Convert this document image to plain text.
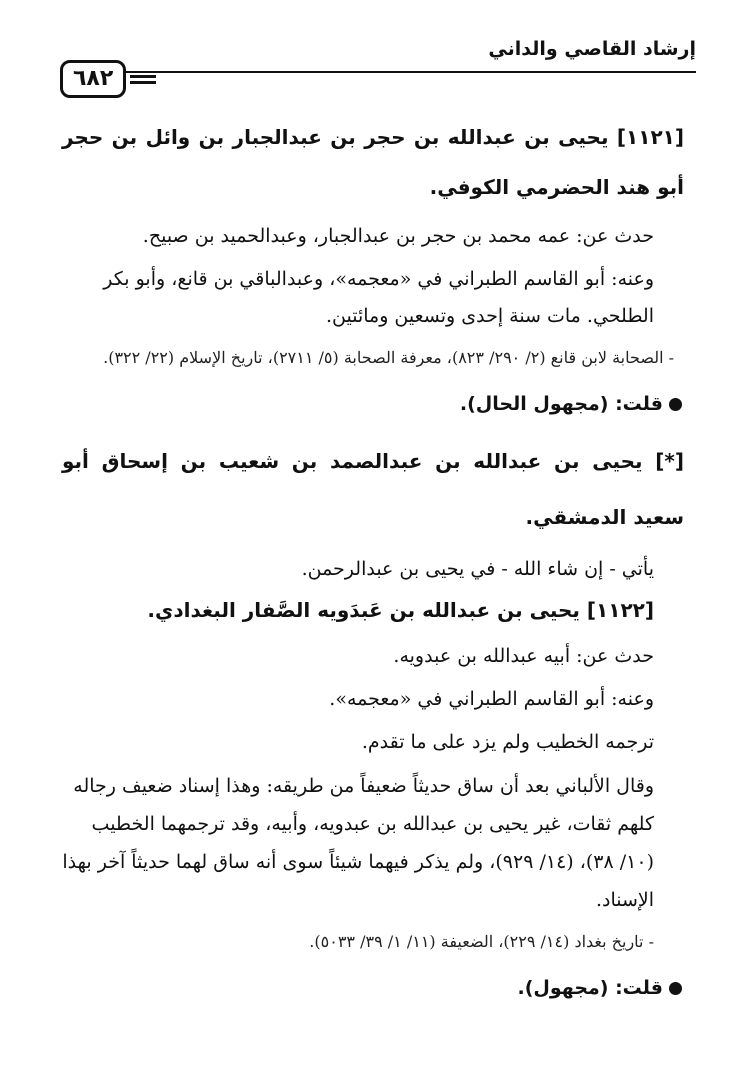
إرشاد القاصي والداني
٦٨٢
[١١٢١] يحيى بن عبدالله بن حجر بن عبدالجبار بن وائل بن حجر أبو هند الحضرمي الكوفي.

حدث عن: عمه محمد بن حجر بن عبدالجبار، وعبدالحميد بن صبيح.

وعنه: أبو القاسم الطبراني في «معجمه»، وعبدالباقي بن قانع، وأبو بكر الطلحي. مات سنة إحدى وتسعين ومائتين.

- الصحابة لابن قانع (٢/ ٢٩٠/ ٨٢٣)، معرفة الصحابة (٥/ ٢٧١١)، تاريخ الإسلام (٢٢/ ٣٢٢).

قلت: (مجهول الحال).

[*] يحيى بن عبدالله بن عبدالصمد بن شعيب بن إسحاق أبو سعيد الدمشقي.

يأتي - إن شاء الله - في يحيى بن عبدالرحمن.

[١١٢٢] يحيى بن عبدالله بن عَبدَويه الصَّفار البغدادي.

حدث عن: أبيه عبدالله بن عبدويه.

وعنه: أبو القاسم الطبراني في «معجمه».

ترجمه الخطيب ولم يزد على ما تقدم.

وقال الألباني بعد أن ساق حديثاً ضعيفاً من طريقه: وهذا إسناد ضعيف رجاله كلهم ثقات، غير يحيى بن عبدالله بن عبدويه، وأبيه، وقد ترجمهما الخطيب (١٠/ ٣٨)، (١٤/ ٩٢٩)، ولم يذكر فيهما شيئاً سوى أنه ساق لهما حديثاً آخر بهذا الإسناد.

- تاريخ بغداد (١٤/ ٢٢٩)، الضعيفة (١١/ ١/ ٣٩/ ٥٠٣٣).

قلت: (مجهول).
